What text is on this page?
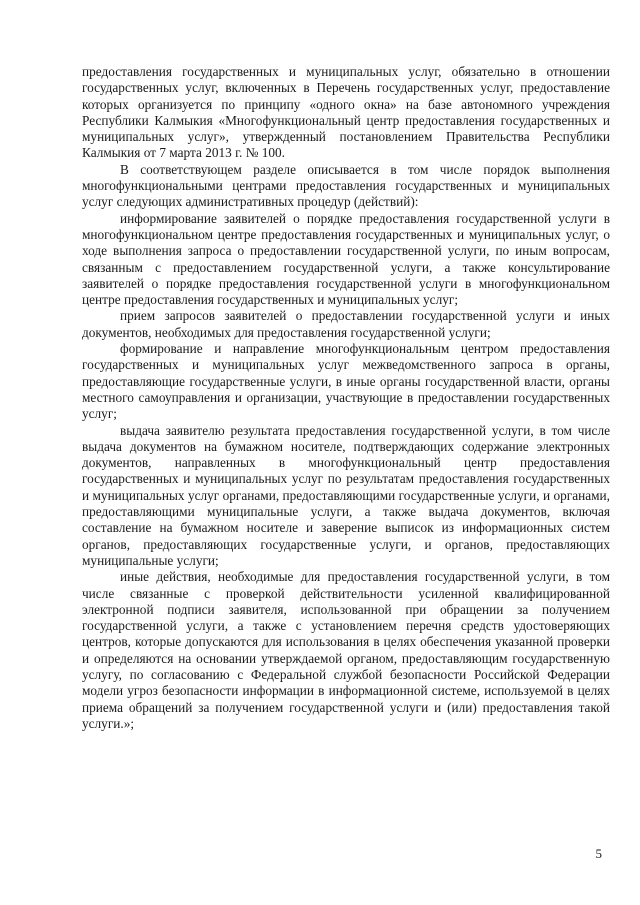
предоставления государственных и муниципальных услуг, обязательно в отношении государственных услуг, включенных в Перечень государственных услуг, предоставление которых организуется по принципу «одного окна» на базе автономного учреждения Республики Калмыкия «Многофункциональный центр предоставления государственных и муниципальных услуг», утвержденный постановлением Правительства Республики Калмыкия от 7 марта 2013 г. № 100.

В соответствующем разделе описывается в том числе порядок выполнения многофункциональными центрами предоставления государственных и муниципальных услуг следующих административных процедур (действий):

информирование заявителей о порядке предоставления государственной услуги в многофункциональном центре предоставления государственных и муниципальных услуг, о ходе выполнения запроса о предоставлении государственной услуги, по иным вопросам, связанным с предоставлением государственной услуги, а также консультирование заявителей о порядке предоставления государственной услуги в многофункциональном центре предоставления государственных и муниципальных услуг;

прием запросов заявителей о предоставлении государственной услуги и иных документов, необходимых для предоставления государственной услуги;

формирование и направление многофункциональным центром предоставления государственных и муниципальных услуг межведомственного запроса в органы, предоставляющие государственные услуги, в иные органы государственной власти, органы местного самоуправления и организации, участвующие в предоставлении государственных услуг;

выдача заявителю результата предоставления государственной услуги, в том числе выдача документов на бумажном носителе, подтверждающих содержание электронных документов, направленных в многофункциональный центр предоставления государственных и муниципальных услуг по результатам предоставления государственных и муниципальных услуг органами, предоставляющими государственные услуги, и органами, предоставляющими муниципальные услуги, а также выдача документов, включая составление на бумажном носителе и заверение выписок из информационных систем органов, предоставляющих государственные услуги, и органов, предоставляющих муниципальные услуги;

иные действия, необходимые для предоставления государственной услуги, в том числе связанные с проверкой действительности усиленной квалифицированной электронной подписи заявителя, использованной при обращении за получением государственной услуги, а также с установлением перечня средств удостоверяющих центров, которые допускаются для использования в целях обеспечения указанной проверки и определяются на основании утверждаемой органом, предоставляющим государственную услугу, по согласованию с Федеральной службой безопасности Российской Федерации модели угроз безопасности информации в информационной системе, используемой в целях приема обращений за получением государственной услуги и (или) предоставления такой услуги.»;

5
